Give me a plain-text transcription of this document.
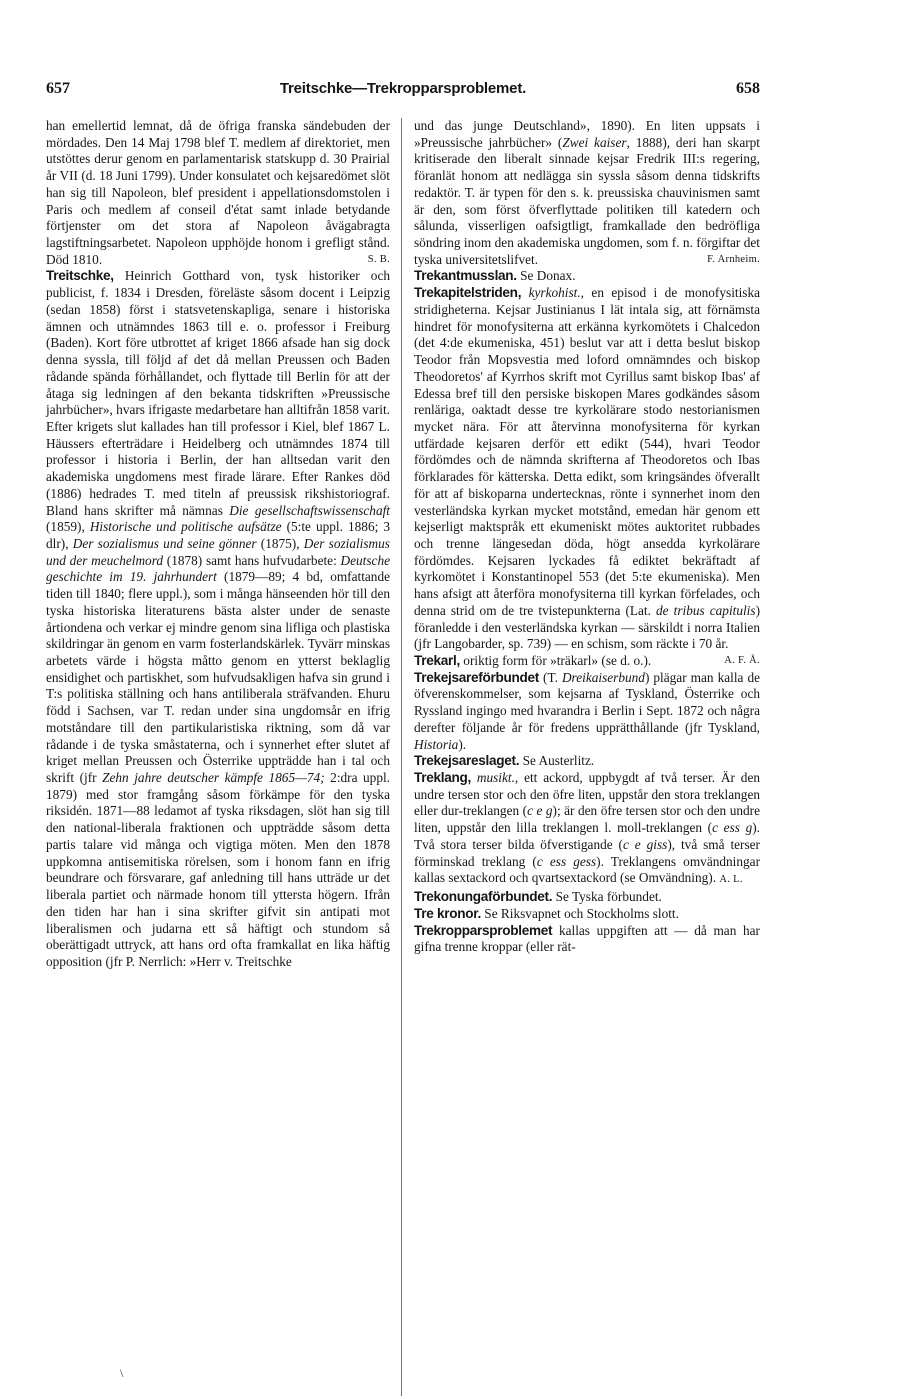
657	Treitschke—Trekropparsproblemet.	658

han emellertid lemnat, då de öfriga franska sändebuden der mördades. Den 14 Maj 1798 blef T. medlem af direktoriet, men utstöttes derur genom en parlamentarisk statskupp d. 30 Prairial år VII (d. 18 Juni 1799). Under konsulatet och kejsaredömet slöt han sig till Napoleon, blef president i appellationsdomstolen i Paris och medlem af conseil d'état samt inlade betydande förtjenster om det stora af Napoleon åvägabragta lagstiftningsarbetet. Napoleon upphöjde honom i grefligt stånd. Död 1810.	S. B.

Treitschke, Heinrich Gotthard von, tysk historiker och publicist, f. 1834 i Dresden, föreläste såsom docent i Leipzig (sedan 1858) först i statsvetenskapliga, senare i historiska ämnen och utnämndes 1863 till e. o. professor i Freiburg (Baden). Kort före utbrottet af kriget 1866 afsade han sig dock denna syssla, till följd af det då mellan Preussen och Baden rådande spända förhållandet, och flyttade till Berlin för att der åtaga sig ledningen af den bekanta tidskriften »Preussische jahrbücher», hvars ifrigaste medarbetare han alltifrån 1858 varit. Efter krigets slut kallades han till professor i Kiel, blef 1867 L. Häussers efterträdare i Heidelberg och utnämndes 1874 till professor i historia i Berlin, der han alltsedan varit den akademiska ungdomens mest firade lärare. Efter Rankes död (1886) hedrades T. med titeln af preussisk rikshistoriograf. Bland hans skrifter må nämnas Die gesellschaftswissenschaft (1859), Historische und politische aufsätze (5:te uppl. 1886; 3 dlr), Der sozialismus und seine gönner (1875), Der sozialismus und der meuchelmord (1878) samt hans hufvudarbete: Deutsche geschichte im 19. jahrhundert (1879—89; 4 bd, omfattande tiden till 1840; flere uppl.), som i många hänseenden hör till den tyska historiska literaturens bästa alster under de senaste årtiondena och verkar ej mindre genom sina lifliga och plastiska skildringar än genom en varm fosterlandskärlek. Tyvärr minskas arbetets värde i högsta måtto genom en ytterst beklaglig ensidighet och partiskhet, som hufvudsakligen hafva sin grund i T:s politiska ställning och hans antiliberala sträfvanden. Ehuru född i Sachsen, var T. redan under sina ungdomsår en ifrig motståndare till den partikularistiska riktning, som då var rådande i de tyska småstaterna, och i synnerhet efter slutet af kriget mellan Preussen och Österrike uppträdde han i tal och skrift (jfr Zehn jahre deutscher kämpfe 1865—74; 2:dra uppl. 1879) med stor framgång såsom förkämpe för den tyska riksidén. 1871—88 ledamot af tyska riksdagen, slöt han sig till den national-liberala fraktionen och uppträdde såsom detta partis talare vid många och vigtiga möten. Men den 1878 uppkomna antisemitiska rörelsen, som i honom fann en ifrig beundrare och försvarare, gaf anledning till hans utträde ur det liberala partiet och närmade honom till yttersta högern. Ifrån den tiden har han i sina skrifter gifvit sin antipati mot liberalismen och judarna ett så häftigt och stundom så oberättigadt uttryck, att hans ord ofta framkallat en lika häftig opposition (jfr P. Nerrlich: »Herr v. Treitschke

und das junge Deutschland», 1890). En liten uppsats i »Preussische jahrbücher» (Zwei kaiser, 1888), deri han skarpt kritiserade den liberalt sinnade kejsar Fredrik III:s regering, föranlät honom att nedlägga sin syssla såsom denna tidskrifts redaktör. T. är typen för den s. k. preussiska chauvinismen samt är den, som först öfverflyttade politiken till katedern och sålunda, visserligen oafsigtligt, framkallade den bedröfliga söndring inom den akademiska ungdomen, som f. n. förgiftar det tyska universitetslifvet.	F. Arnheim.

Trekantmusslan. Se Donax.

Trekapitelstriden, kyrkohist., en episod i de monofysitiska stridigheterna. Kejsar Justinianus I lät intala sig, att förnämsta hindret för monofysiterna att erkänna kyrkomötets i Chalcedon (det 4:de ekumeniska, 451) beslut var att i detta beslut biskop Teodor från Mopsvestia med loford omnämndes och biskop Theodoretos' af Kyrrhos skrift mot Cyrillus samt biskop Ibas' af Edessa bref till den persiske biskopen Mares godkändes såsom renläriga, oaktadt desse tre kyrkolärare stodo nestorianismen mycket nära. För att återvinna monofysiterna för kyrkan utfärdade kejsaren derför ett edikt (544), hvari Teodor fördömdes och de nämnda skrifterna af Theodoretos och Ibas förklarades för kätterska. Detta edikt, som kringsändes öfverallt för att af biskoparna undertecknas, rönte i synnerhet inom den vesterländska kyrkan mycket motstånd, emedan här genom ett kejserligt maktspråk ett ekumeniskt mötes auktoritet rubbades och trenne längesedan döda, högt ansedda kyrkolärare fördömdes. Kejsaren lyckades få ediktet bekräftadt af kyrkomötet i Konstantinopel 553 (det 5:te ekumeniska). Men hans afsigt att återföra monofysiterna till kyrkan förfelades, och denna strid om de tre tvistepunkterna (Lat. de tribus capitulis) föranledde i den vesterländska kyrkan — särskildt i norra Italien (jfr Langobarder, sp. 739) — en schism, som räckte i 70 år.
A. F. Å.

Trekarl, oriktig form för »träkarl» (se d. o.).

Trekejsareförbundet (T. Dreikaiserbund) plägar man kalla de öfverenskommelser, som kejsarna af Tyskland, Österrike och Ryssland ingingo med hvarandra i Berlin i Sept. 1872 och några derefter följande år för fredens upprätthållande (jfr Tyskland, Historia).

Trekejsareslaget. Se Austerlitz.

Treklang, musikt., ett ackord, uppbygdt af två terser. Är den undre tersen stor och den öfre liten, uppstår den stora treklangen eller dur-treklangen (c e g); är den öfre tersen stor och den undre liten, uppstår den lilla treklangen l. moll-treklangen (c ess g). Två stora terser bilda öfverstigande (c e giss), två små terser förminskad treklang (c ess gess). Treklangens omvändningar kallas sextackord och qvartsextackord (se Omvändning). A. L.

Trekonungaförbundet. Se Tyska förbundet.

Tre kronor. Se Riksvapnet och Stockholms slott.

Trekropparsproblemet kallas uppgiften att — då man har gifna trenne kroppar (eller rät-

\
